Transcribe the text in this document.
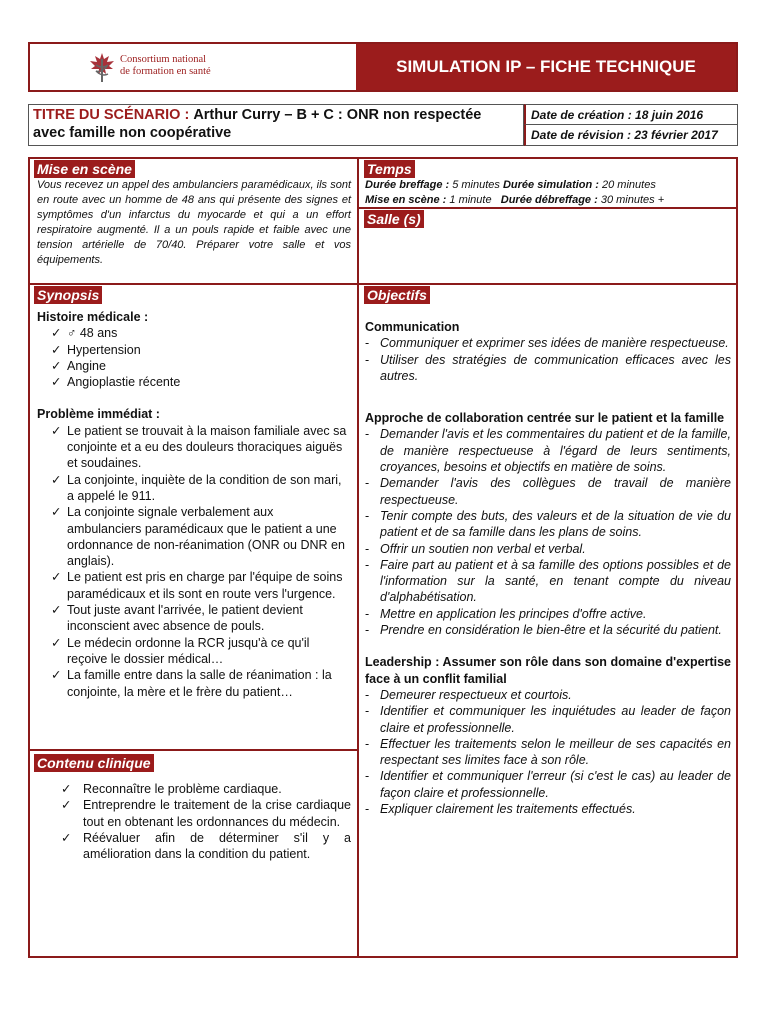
Consortium national
de formation en santé	SIMULATION IP – FICHE TECHNIQUE
TITRE DU SCÉNARIO : Arthur Curry – B + C : ONR non respectée
avec famille non coopérative
Date de création : 18 juin 2016
Date de révision : 23 février 2017
Mise en scène
Vous recevez un appel des ambulanciers paramédicaux, ils sont en route avec un homme de 48 ans qui présente des signes et symptômes d'un infarctus du myocarde et qui a un effort respiratoire augmenté. Il a un pouls rapide et faible avec une tension artérielle de 70/40. Préparer votre salle et vos équipements.
Temps
Durée breffage : 5 minutes Durée simulation : 20 minutes
Mise en scène : 1 minute Durée débreffage : 30 minutes +
Salle (s)
Synopsis
Histoire médicale :
✓ ♂ 48 ans
✓ Hypertension
✓ Angine
✓ Angioplastie récente
Problème immédiat :
✓ Le patient se trouvait à la maison familiale avec sa conjointe et a eu des douleurs thoraciques aiguës et soudaines.
✓ La conjointe, inquiète de la condition de son mari, a appelé le 911.
✓ La conjointe signale verbalement aux ambulanciers paramédicaux que le patient a une ordonnance de non-réanimation (ONR ou DNR en anglais).
✓ Le patient est pris en charge par l'équipe de soins paramédicaux et ils sont en route vers l'urgence.
✓ Tout juste avant l'arrivée, le patient devient inconscient avec absence de pouls.
✓ Le médecin ordonne la RCR jusqu'à ce qu'il reçoive le dossier médical…
✓ La famille entre dans la salle de réanimation : la conjointe, la mère et le frère du patient…
Contenu clinique
✓ Reconnaître le problème cardiaque.
✓ Entreprendre le traitement de la crise cardiaque tout en obtenant les ordonnances du médecin.
✓ Réévaluer afin de déterminer s'il y a amélioration dans la condition du patient.
Objectifs
Communication
- Communiquer et exprimer ses idées de manière respectueuse.
- Utiliser des stratégies de communication efficaces avec les autres.
Approche de collaboration centrée sur le patient et la famille
- Demander l'avis et les commentaires du patient et de la famille, de manière respectueuse à l'égard de leurs sentiments, croyances, besoins et objectifs en matière de soins.
- Demander l'avis des collègues de travail de manière respectueuse.
- Tenir compte des buts, des valeurs et de la situation de vie du patient et de sa famille dans les plans de soins.
- Offrir un soutien non verbal et verbal.
- Faire part au patient et à sa famille des options possibles et de l'information sur la santé, en tenant compte du niveau d'alphabétisation.
- Mettre en application les principes d'offre active.
- Prendre en considération le bien-être et la sécurité du patient.
Leadership : Assumer son rôle dans son domaine d'expertise face à un conflit familial
- Demeurer respectueux et courtois.
- Identifier et communiquer les inquiétudes au leader de façon claire et professionnelle.
- Effectuer les traitements selon le meilleur de ses capacités en respectant ses limites face à son rôle.
- Identifier et communiquer l'erreur (si c'est le cas) au leader de façon claire et professionnelle.
- Expliquer clairement les traitements effectués.
